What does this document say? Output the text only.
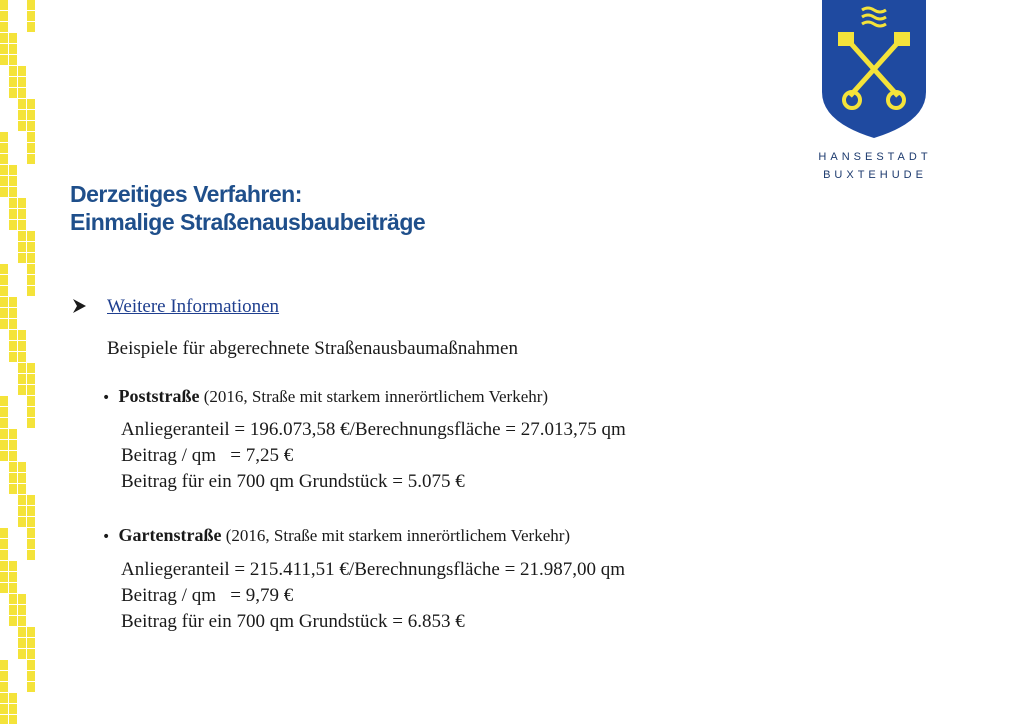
HANSESTADT
BUXTEHUDE
Derzeitiges Verfahren:
Einmalige Straßenausbaubeiträge
Weitere Informationen
Beispiele für abgerechnete Straßenausbaumaßnahmen
• Poststraße (2016, Straße mit starkem innerörtlichem Verkehr)
Anliegeranteil = 196.073,58 €/Berechnungsfläche = 27.013,75 qm
Beitrag / qm   = 7,25 €
Beitrag für ein 700 qm Grundstück = 5.075 €
• Gartenstraße (2016, Straße mit starkem innerörtlichem Verkehr)
Anliegeranteil = 215.411,51 €/Berechnungsfläche = 21.987,00 qm
Beitrag / qm   = 9,79 €
Beitrag für ein 700 qm Grundstück = 6.853 €
